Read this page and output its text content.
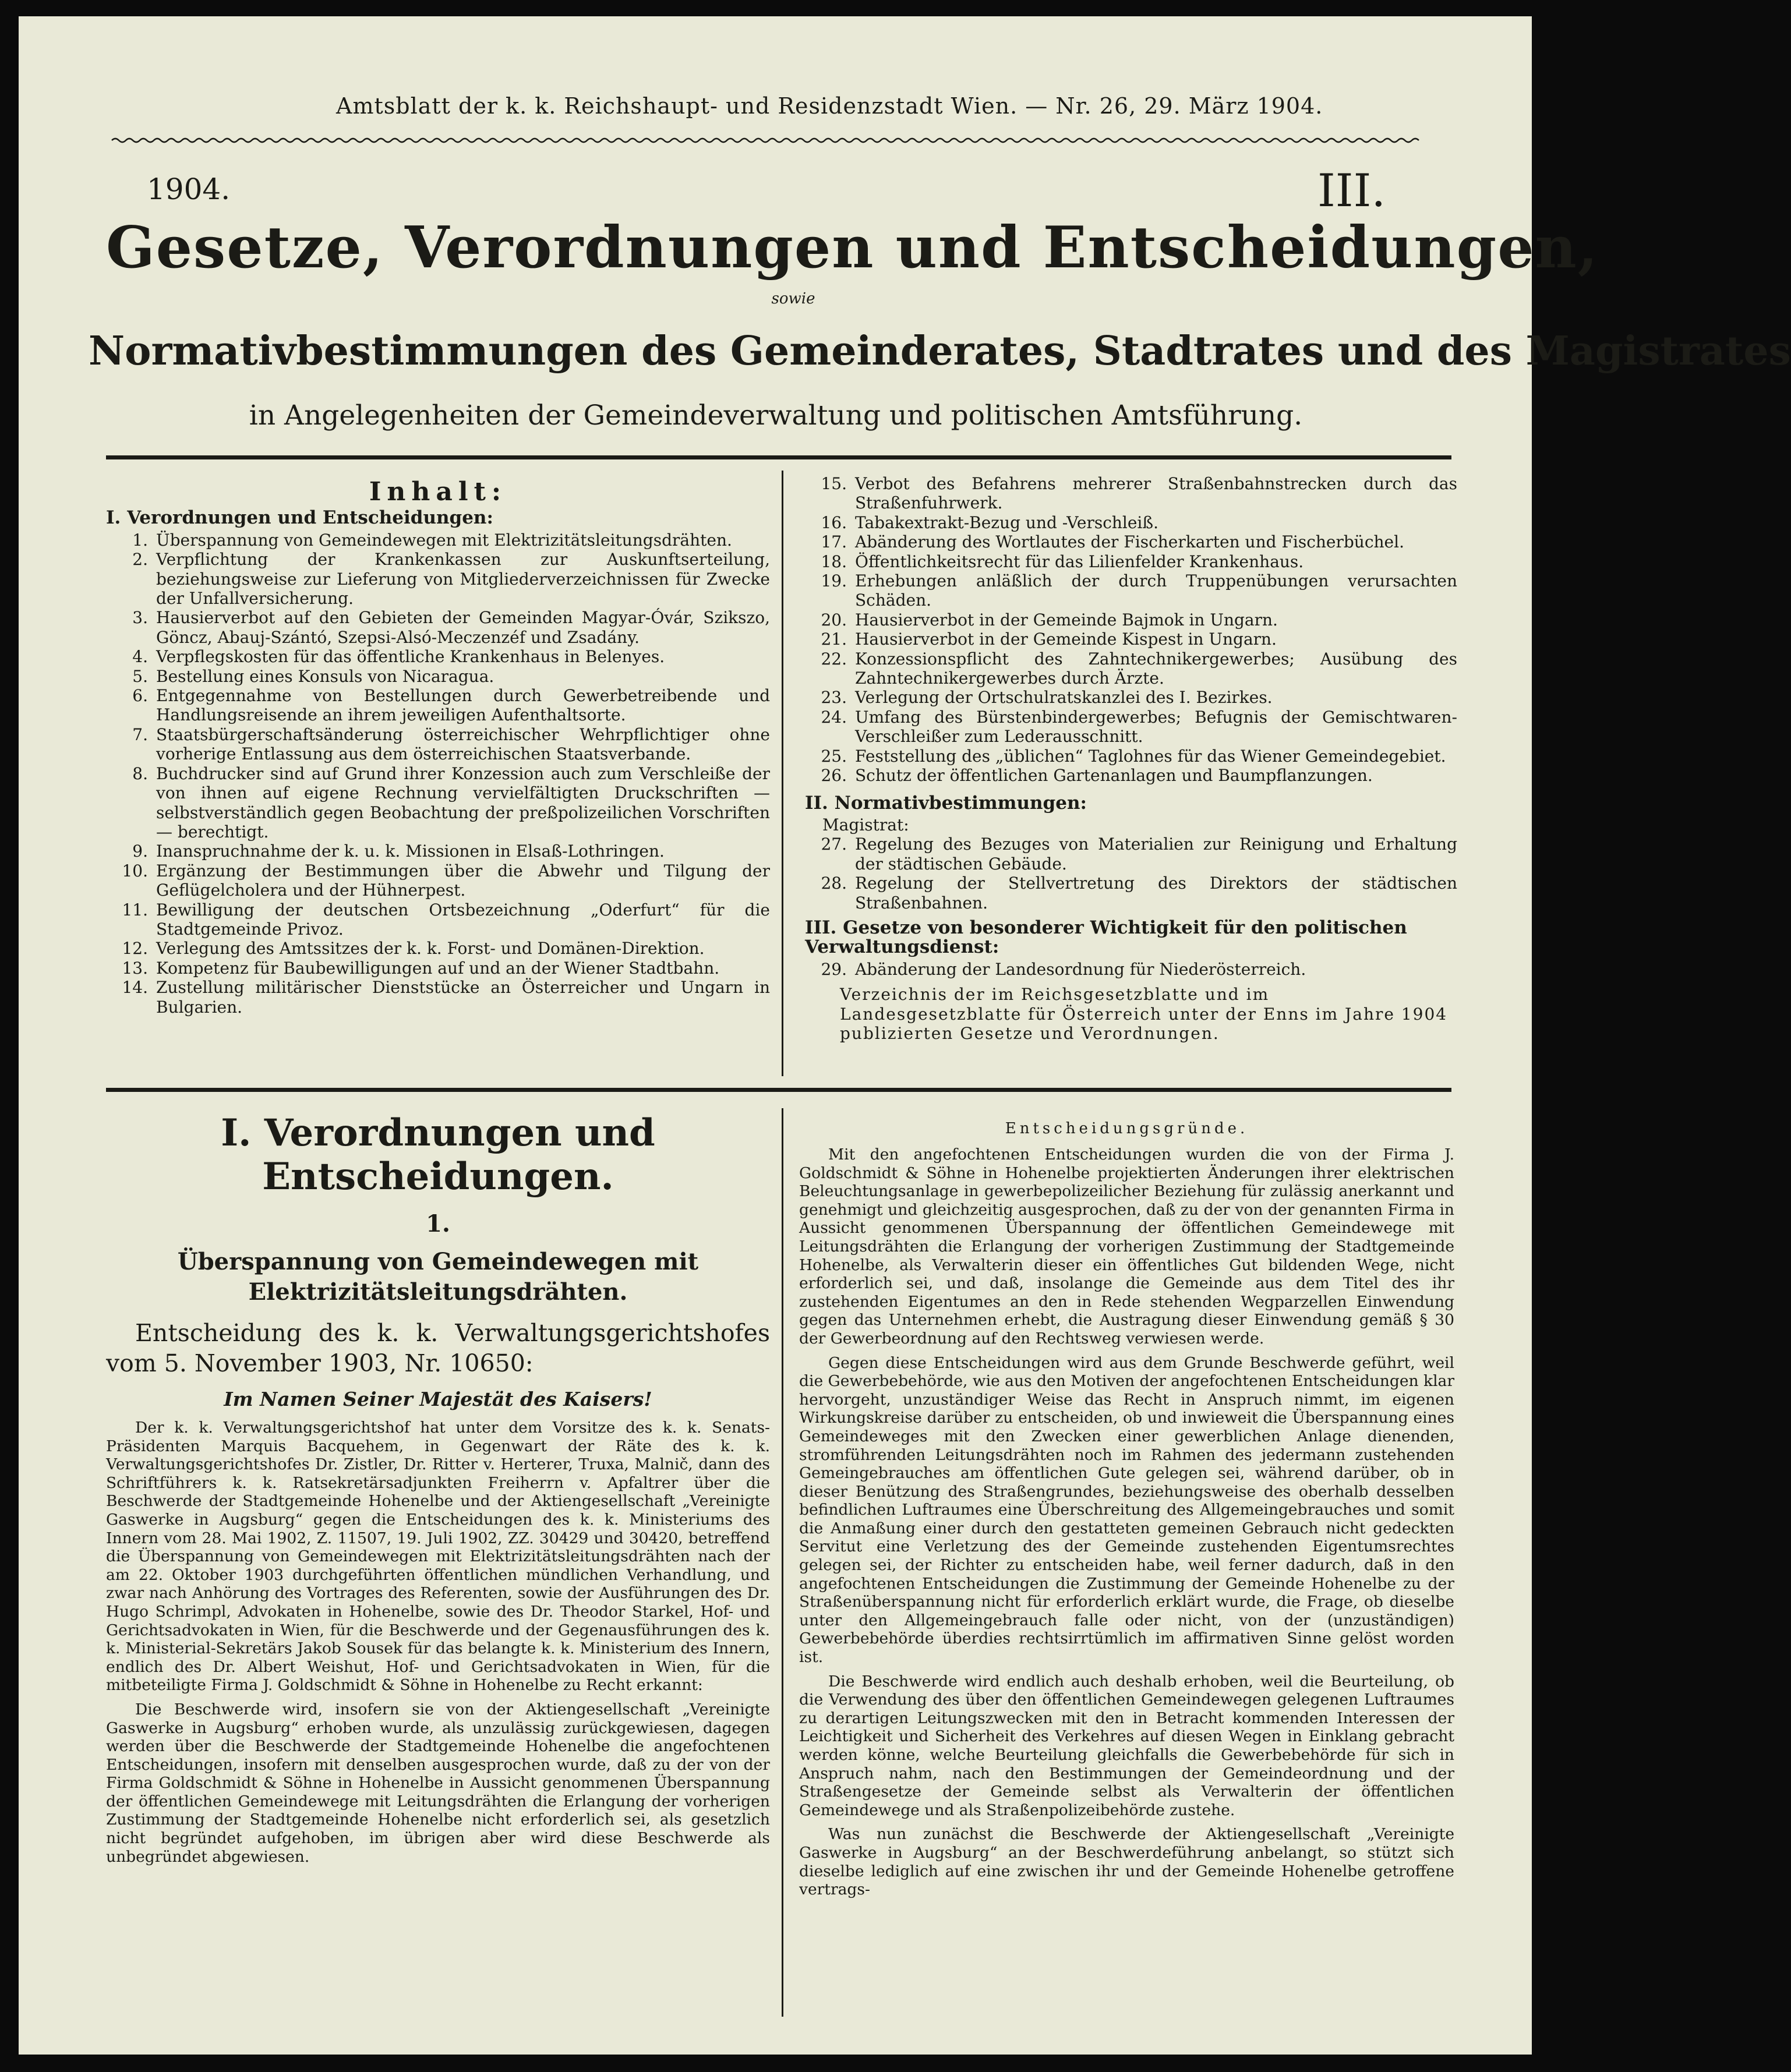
Amtsblatt der k. k. Reichshaupt- und Residenzstadt Wien. — Nr. 26, 29. März 1904.
1904.	III.
Gesetze, Verordnungen und Entscheidungen,
sowie
Normativbestimmungen des Gemeinderates, Stadtrates und des Magistrates
in Angelegenheiten der Gemeindeverwaltung und politischen Amtsführung.
Inhalt:
I. Verordnungen und Entscheidungen:
1. Überspannung von Gemeindewegen mit Elektrizitätsleitungsdrähten.
2. Verpflichtung der Krankenkassen zur Auskunftserteilung, beziehungsweise zur Lieferung von Mitgliederverzeichnissen für Zwecke der Unfallversicherung.
3. Hausierverbot auf den Gebieten der Gemeinden Magyar-Óvár, Szikszo, Göncz, Abauj-Szántó, Szepsi-Alsó-Meczenzéf und Zsadány.
4. Verpflegskosten für das öffentliche Krankenhaus in Belenyes.
5. Bestellung eines Konsuls von Nicaragua.
6. Entgegennahme von Bestellungen durch Gewerbetreibende und Handlungsreisende an ihrem jeweiligen Aufenthaltsorte.
7. Staatsbürgerschaftsänderung österreichischer Wehrpflichtiger ohne vorherige Entlassung aus dem österreichischen Staatsverbande.
8. Buchdrucker sind auf Grund ihrer Konzession auch zum Verschleiße der von ihnen auf eigene Rechnung vervielfältigten Druckschriften — selbstverständlich gegen Beobachtung der preßpolizeilichen Vorschriften — berechtigt.
9. Inanspruchnahme der k. u. k. Missionen in Elsaß-Lothringen.
10. Ergänzung der Bestimmungen über die Abwehr und Tilgung der Geflügelcholera und der Hühnerpest.
11. Bewilligung der deutschen Ortsbezeichnung „Oderfurt“ für die Stadtgemeinde Privoz.
12. Verlegung des Amtssitzes der k. k. Forst- und Domänen-Direktion.
13. Kompetenz für Baubewilligungen auf und an der Wiener Stadtbahn.
14. Zustellung militärischer Dienststücke an Österreicher und Ungarn in Bulgarien.
15. Verbot des Befahrens mehrerer Straßenbahnstrecken durch das Straßenfuhrwerk.
16. Tabakextrakt-Bezug und -Verschleiß.
17. Abänderung des Wortlautes der Fischerkarten und Fischerbüchel.
18. Öffentlichkeitsrecht für das Lilienfelder Krankenhaus.
19. Erhebungen anläßlich der durch Truppenübungen verursachten Schäden.
20. Hausierverbot in der Gemeinde Bajmok in Ungarn.
21. Hausierverbot in der Gemeinde Kispest in Ungarn.
22. Konzessionspflicht des Zahntechnikergewerbes; Ausübung des Zahntechnikergewerbes durch Ärzte.
23. Verlegung der Ortschulratskanzlei des I. Bezirkes.
24. Umfang des Bürstenbindergewerbes; Befugnis der Gemischtwaren-Verschleißer zum Lederausschnitt.
25. Feststellung des „üblichen“ Taglohnes für das Wiener Gemeindegebiet.
26. Schutz der öffentlichen Gartenanlagen und Baumpflanzungen.
II. Normativbestimmungen:
Magistrat:
27. Regelung des Bezuges von Materialien zur Reinigung und Erhaltung der städtischen Gebäude.
28. Regelung der Stellvertretung des Direktors der städtischen Straßenbahnen.
III. Gesetze von besonderer Wichtigkeit für den politischen Verwaltungsdienst:
29. Abänderung der Landesordnung für Niederösterreich.
Verzeichnis der im Reichsgesetzblatte und im Landesgesetzblatte für Österreich unter der Enns im Jahre 1904 publizierten Gesetze und Verordnungen.
I. Verordnungen und Entscheidungen.
1.
Überspannung von Gemeindewegen mit Elektrizitätsleitungsdrähten.
Entscheidung des k. k. Verwaltungsgerichtshofes vom 5. November 1903, Nr. 10650:
Im Namen Seiner Majestät des Kaisers!

Der k. k. Verwaltungsgerichtshof hat unter dem Vorsitze des k. k. Senats-Präsidenten Marquis Bacquehem, in Gegenwart der Räte des k. k. Verwaltungsgerichtshofes Dr. Zistler, Dr. Ritter v. Herterer, Truxa, Malnič, dann des Schriftführers k. k. Ratsekretärsadjunkten Freiherrn v. Apfaltrer über die Beschwerde der Stadtgemeinde Hohenelbe und der Aktiengesellschaft „Vereinigte Gaswerke in Augsburg“ gegen die Entscheidungen des k. k. Ministeriums des Innern vom 28. Mai 1902, Z. 11507, 19. Juli 1902, ZZ. 30429 und 30420, betreffend die Überspannung von Gemeindewegen mit Elektrizitätsleitungsdrähten nach der am 22. Oktober 1903 durchgeführten öffentlichen mündlichen Verhandlung, und zwar nach Anhörung des Vortrages des Referenten, sowie der Ausführungen des Dr. Hugo Schrimpl, Advokaten in Hohenelbe, sowie des Dr. Theodor Starkel, Hof- und Gerichtsadvokaten in Wien, für die Beschwerde und der Gegenausführungen des k. k. Ministerial-Sekretärs Jakob Sousek für das belangte k. k. Ministerium des Innern, endlich des Dr. Albert Weishut, Hof- und Gerichtsadvokaten in Wien, für die mitbeteiligte Firma J. Goldschmidt & Söhne in Hohenelbe zu Recht erkannt:

Die Beschwerde wird, insofern sie von der Aktiengesellschaft „Vereinigte Gaswerke in Augsburg“ erhoben wurde, als unzulässig zurückgewiesen, dagegen werden über die Beschwerde der Stadtgemeinde Hohenelbe die angefochtenen Entscheidungen, insofern mit denselben ausgesprochen wurde, daß zu der von der Firma Goldschmidt & Söhne in Hohenelbe in Aussicht genommenen Überspannung der öffentlichen Gemeindewege mit Leitungsdrähten die Erlangung der vorherigen Zustimmung der Stadtgemeinde Hohenelbe nicht erforderlich sei, als gesetzlich nicht begründet aufgehoben, im übrigen aber wird diese Beschwerde als unbegründet abgewiesen.

Entscheidungsgründe.

Mit den angefochtenen Entscheidungen wurden die von der Firma J. Goldschmidt & Söhne in Hohenelbe projektierten Änderungen ihrer elektrischen Beleuchtungsanlage in gewerbepolizeilicher Beziehung für zulässig anerkannt und genehmigt und gleichzeitig ausgesprochen, daß zu der von der genannten Firma in Aussicht genommenen Überspannung der öffentlichen Gemeindewege mit Leitungsdrähten die Erlangung der vorherigen Zustimmung der Stadtgemeinde Hohenelbe, als Verwalterin dieser ein öffentliches Gut bildenden Wege, nicht erforderlich sei, und daß, insolange die Gemeinde aus dem Titel des ihr zustehenden Eigentumes an den in Rede stehenden Wegparzellen Einwendung gegen das Unternehmen erhebt, die Austragung dieser Einwendung gemäß § 30 der Gewerbeordnung auf den Rechtsweg verwiesen werde.

Gegen diese Entscheidungen wird aus dem Grunde Beschwerde geführt, weil die Gewerbebehörde, wie aus den Motiven der angefochtenen Entscheidungen klar hervorgeht, unzuständiger Weise das Recht in Anspruch nimmt, im eigenen Wirkungskreise darüber zu entscheiden, ob und inwieweit die Überspannung eines Gemeindeweges mit den Zwecken einer gewerblichen Anlage dienenden, stromführenden Leitungsdrähten noch im Rahmen des jedermann zustehenden Gemeingebrauches am öffentlichen Gute gelegen sei, während darüber, ob in dieser Benützung des Straßengrundes, beziehungsweise des oberhalb desselben befindlichen Luftraumes eine Überschreitung des Allgemeingebrauches und somit die Anmaßung einer durch den gestatteten gemeinen Gebrauch nicht gedeckten Servitut eine Verletzung des der Gemeinde zustehenden Eigentumsrechtes gelegen sei, der Richter zu entscheiden habe, weil ferner dadurch, daß in den angefochtenen Entscheidungen die Zustimmung der Gemeinde Hohenelbe zu der Straßenüberspannung nicht für erforderlich erklärt wurde, die Frage, ob dieselbe unter den Allgemeingebrauch falle oder nicht, von der (unzuständigen) Gewerbebehörde überdies rechtsirrtümlich im affirmativen Sinne gelöst worden ist.

Die Beschwerde wird endlich auch deshalb erhoben, weil die Beurteilung, ob die Verwendung des über den öffentlichen Gemeindewegen gelegenen Luftraumes zu derartigen Leitungszwecken mit den in Betracht kommenden Interessen der Leichtigkeit und Sicherheit des Verkehres auf diesen Wegen in Einklang gebracht werden könne, welche Beurteilung gleichfalls die Gewerbebehörde für sich in Anspruch nahm, nach den Bestimmungen der Gemeindeordnung und der Straßengesetze der Gemeinde selbst als Verwalterin der öffentlichen Gemeindewege und als Straßenpolizeibehörde zustehe.

Was nun zunächst die Beschwerde der Aktiengesellschaft „Vereinigte Gaswerke in Augsburg“ an der Beschwerdeführung anbelangt, so stützt sich dieselbe lediglich auf eine zwischen ihr und der Gemeinde Hohenelbe getroffene vertrags-
